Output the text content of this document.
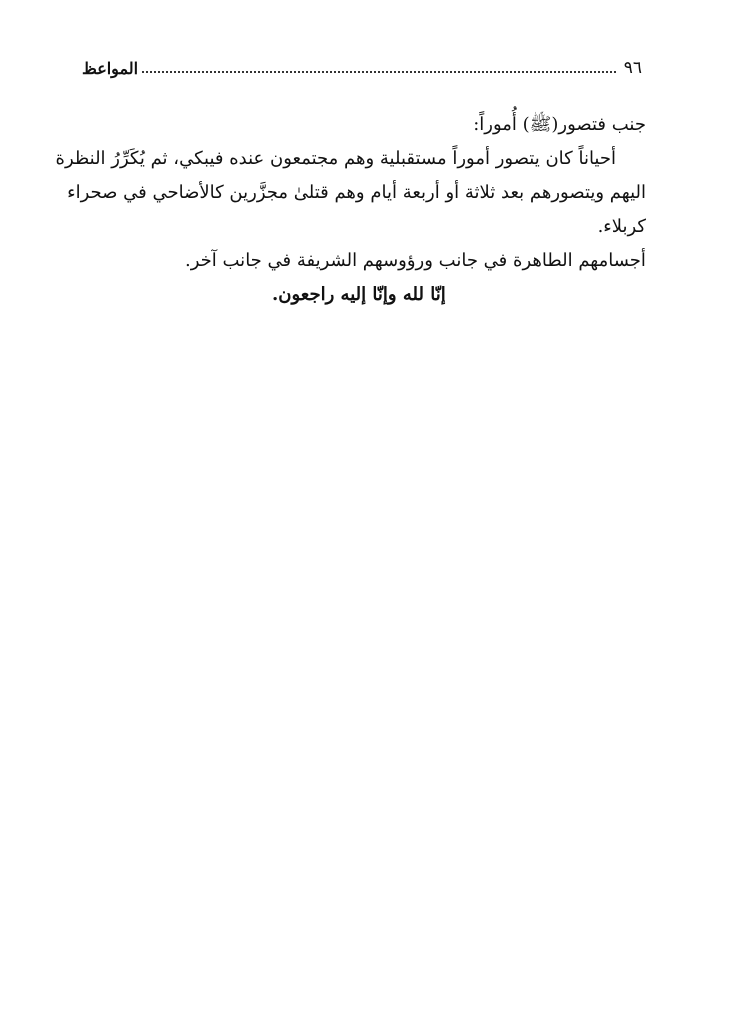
المواعظ	٩٦
جنب فتصور(ﷺ) أُموراً:
أحياناً كان يتصور أموراً مستقبلية وهم مجتمعون عنده فيبكي، ثم يُكَرِّرُ النظرة
اليهم ويتصورهم بعد ثلاثة أو أربعة أيام وهم قتلىٰ مجزَّرين كالأضاحي في صحراء
كربلاء.
أجسامهم الطاهرة في جانب ورؤوسهم الشريفة في جانب آخر.
إنّا لله وإنّا إليه راجعون.
